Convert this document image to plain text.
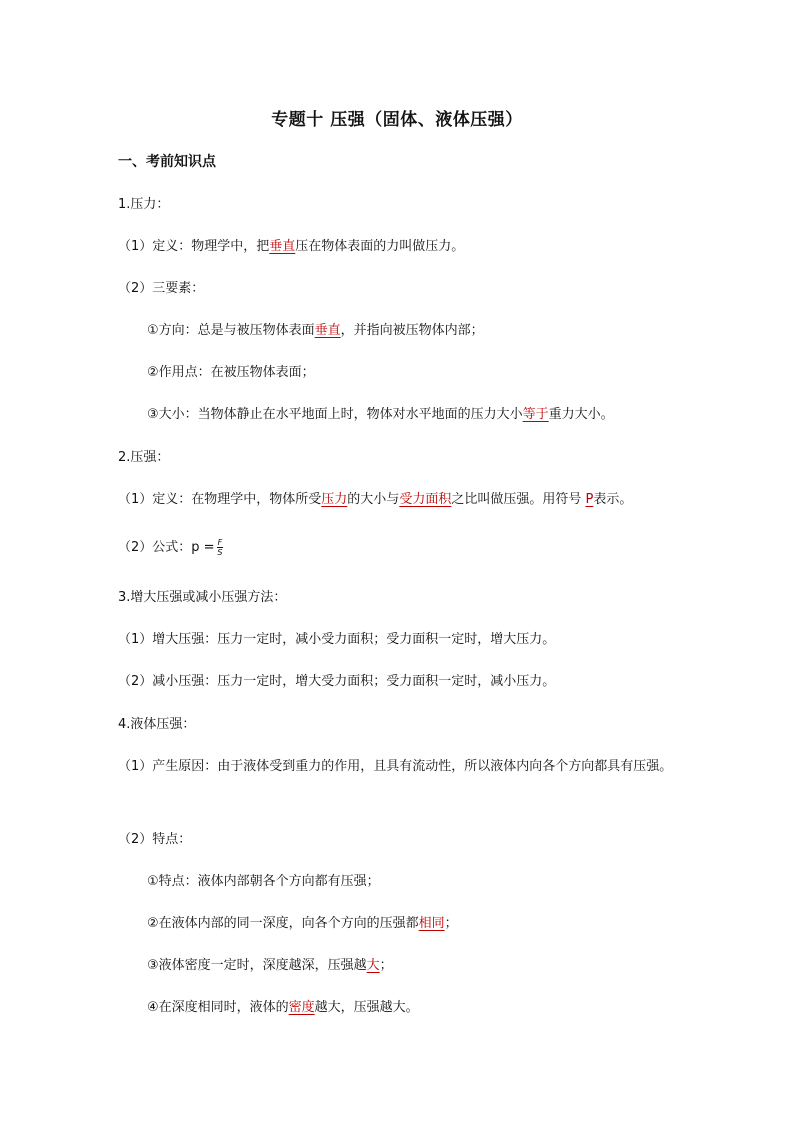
专题十 压强（固体、液体压强）
一、考前知识点
1.压力：
（1）定义：物理学中，把垂直压在物体表面的力叫做压力。
（2）三要素：
①方向：总是与被压物体表面垂直，并指向被压物体内部；
②作用点：在被压物体表面；
③大小：当物体静止在水平地面上时，物体对水平地面的压力大小等于重力大小。
2.压强：
（1）定义：在物理学中，物体所受压力的大小与受力面积之比叫做压强。用符号 P表示。
（2）公式：$p = \frac{F}{S}$
3.增大压强或减小压强方法：
（1）增大压强：压力一定时，减小受力面积；受力面积一定时，增大压力。
（2）减小压强：压力一定时，增大受力面积；受力面积一定时，减小压力。
4.液体压强：
（1）产生原因：由于液体受到重力的作用，且具有流动性，所以液体内向各个方向都具有压强。
（2）特点：
①特点：液体内部朝各个方向都有压强；
②在液体内部的同一深度，向各个方向的压强都相同；
③液体密度一定时，深度越深，压强越大；
④在深度相同时，液体的密度越大，压强越大。
